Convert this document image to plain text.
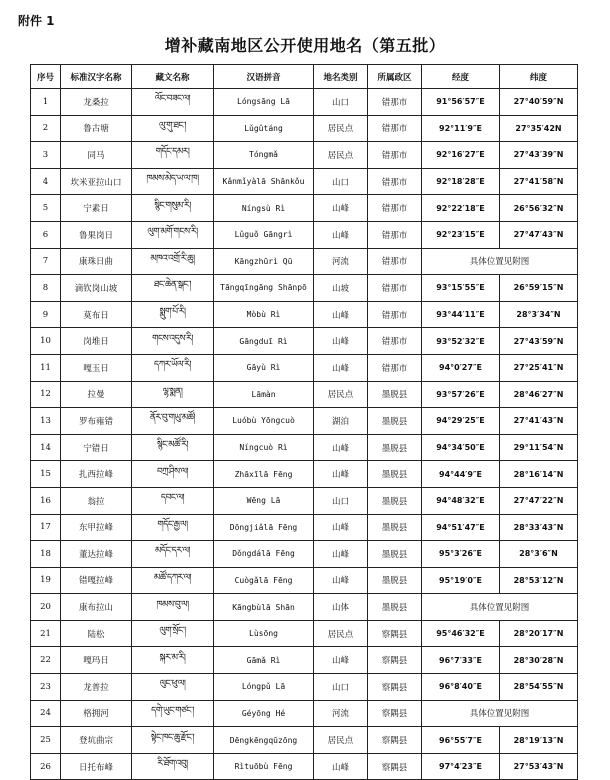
附件 1
增补藏南地区公开使用地名（第五批）
序号	标准汉字名称	藏文名称	汉语拼音	地名类别	所属政区	经度	纬度
1	龙桑拉	ལོང་བཟང་ལ།	Lóngsāng Lā	山口	错那市	91°56′57″E	27°40′59″N
2	鲁古塘	ལུ་གུ་ཐང་།	Lǔgǔtáng	居民点	错那市	92°11′9″E	27°35′42N
3	同马	གདོང་དམར།	Tóngmǎ	居民点	错那市	92°16′27″E	27°43′39″N
4	坎米亚拉山口	ཁམས་མེད་ཡ་ལ་ཁ།	Kǎnmǐyàlā Shānkǒu	山口	错那市	92°18′28″E	27°41′58″N
5	宁素日	སྙིང་གསུམ་རི།	Níngsù Rì	山峰	错那市	92°22′18″E	26°56′32″N
6	鲁果岗日	ལུག་མགོ་གངས་རི།	Lǔguǒ Gāngrì	山峰	错那市	92°23′15″E	27°47′43″N
7	康珠日曲	མཁའ་འགྲོ་རི་ཆུ།	Kāngzhūrì Qū	河流	错那市	具体位置见附图	
8	滴钦岗山坡	ཐང་ཆེན་སྒང་།	Tāngqīngāng Shānpō	山坡	错那市	93°15′55″E	26°59′15″N
9	莫布日	སྨུག་པོ་རི།	Mòbù Rì	山峰	错那市	93°44′11″E	28°3′34″N
10	岗堆日	གངས་འདུས་རི།	Gāngduī Rì	山峰	错那市	93°52′32″E	27°43′59″N
11	嘎玉日	དཀར་ཡོལ་རི།	Gāyù Rì	山峰	错那市	94°0′27″E	27°25′41″N
12	拉曼	ལྷ་སྨན།	Lāmàn	居民点	墨脱县	93°57′26″E	28°46′27″N
13	罗布雍错	ནོར་བུ་གཡུ་མཚོ།	Luóbù Yōngcuò	湖泊	墨脱县	94°29′25″E	27°41′43″N
14	宁错日	སྙིང་མཚོ་རི།	Níngcuò Rì	山峰	墨脱县	94°34′50″E	29°11′54″N
15	扎西拉峰	བཀྲ་ཤིས་ལ།	Zhāxīlā Fēng	山峰	墨脱县	94°44′9″E	28°16′14″N
16	翁拉	དབང་ལ།	Wēng Lā	山口	墨脱县	94°48′32″E	27°47′22″N
17	东甲拉峰	གདོང་རྒྱ་ལ།	Dōngjiǎlā Fēng	山峰	墨脱县	94°51′47″E	28°33′43″N
18	董达拉峰	མདོང་དར་ལ།	Dǒngdálā Fēng	山峰	墨脱县	95°3′26″E	28°3′6″N
19	错嘎拉峰	མཚོ་དཀར་ལ།	Cuògǎlā Fēng	山峰	墨脱县	95°19′0″E	28°53′12″N
20	康布拉山	ཁམས་བུ་ལ།	Kāngbùlā Shān	山体	墨脱县	具体位置见附图	
21	陆松	ལུག་སྲོང་།	Lùsōng	居民点	察隅县	95°46′32″E	28°20′17″N
22	嘎玛日	སྐར་མ་རི།	Gāmǎ Rì	山峰	察隅县	96°7′33″E	28°30′28″N
23	龙普拉	ལུང་ཕུ་ལ།	Lóngpǔ Lā	山口	察隅县	96°8′40″E	28°54′55″N
24	格拥河	དགེ་ཡུང་གཙང་།	Géyōng Hé	河流	察隅县	具体位置见附图	
25	登坑曲宗	སྟེང་ཁང་ཆུ་རྫོང་།	Dēngkēngqūzōng	居民点	察隅县	96°55′7″E	28°19′13″N
26	日托布峰	རི་ཐོག་འབུ།	Rìtuōbù Fēng	山峰	察隅县	97°4′23″E	27°53′43″N
